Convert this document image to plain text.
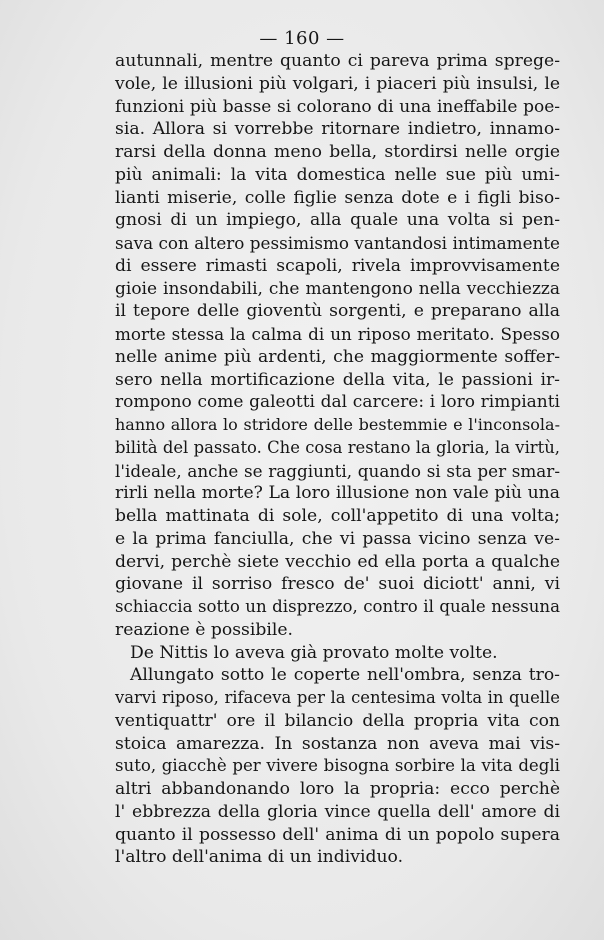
— 160 —
autunnali, mentre quanto ci pareva prima sprege-
vole, le illusioni più volgari, i piaceri più insulsi, le
funzioni più basse si colorano di una ineffabile poe-
sia. Allora si vorrebbe ritornare indietro, innamo-
rarsi della donna meno bella, stordirsi nelle orgie
più animali: la vita domestica nelle sue più umi-
lianti miserie, colle figlie senza dote e i figli biso-
gnosi di un impiego, alla quale una volta si pen-
sava con altero pessimismo vantandosi intimamente
di essere rimasti scapoli, rivela improvvisamente
gioie insondabili, che mantengono nella vecchiezza
il tepore delle gioventù sorgenti, e preparano alla
morte stessa la calma di un riposo meritato. Spesso
nelle anime più ardenti, che maggiormente soffer-
sero nella mortificazione della vita, le passioni ir-
rompono come galeotti dal carcere: i loro rimpianti
hanno allora lo stridore delle bestemmie e l'inconsola-
bilità del passato. Che cosa restano la gloria, la virtù,
l'ideale, anche se raggiunti, quando si sta per smar-
rirli nella morte? La loro illusione non vale più una
bella mattinata di sole, coll'appetito di una volta;
e la prima fanciulla, che vi passa vicino senza ve-
dervi, perchè siete vecchio ed ella porta a qualche
giovane il sorriso fresco de' suoi diciott' anni, vi
schiaccia sotto un disprezzo, contro il quale nessuna
reazione è possibile.
De Nittis lo aveva già provato molte volte.
Allungato sotto le coperte nell'ombra, senza tro-
varvi riposo, rifaceva per la centesima volta in quelle
ventiquattr' ore il bilancio della propria vita con
stoica amarezza. In sostanza non aveva mai vis-
suto, giacchè per vivere bisogna sorbire la vita degli
altri abbandonando loro la propria: ecco perchè
l' ebbrezza della gloria vince quella dell' amore di
quanto il possesso dell' anima di un popolo supera
l'altro dell'anima di un individuo.
